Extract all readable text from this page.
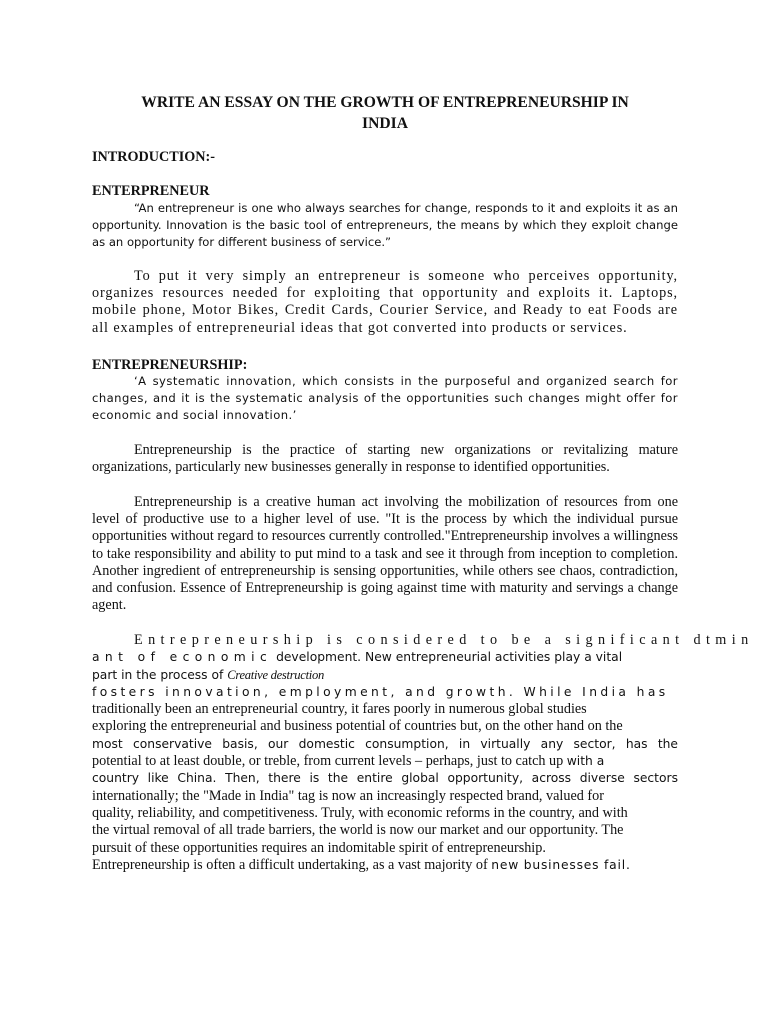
WRITE AN ESSAY ON THE GROWTH OF ENTREPRENEURSHIP IN
INDIA
INTRODUCTION:-
ENTERPRENEUR
“An entrepreneur is one who always searches for change, responds to it and exploits it as an opportunity. Innovation is the basic tool of entrepreneurs, the means by which they exploit change as an opportunity for different business of service.”
To put it very simply an entrepreneur is someone who perceives opportunity, organizes resources needed for exploiting that opportunity and exploits it. Laptops, mobile phone, Motor Bikes, Credit Cards, Courier Service, and Ready to eat Foods are all examples of entrepreneurial ideas that got converted into products or services.
ENTREPRENEURSHIP:
‘A systematic innovation, which consists in the purposeful and organized search for changes, and it is the systematic analysis of the opportunities such changes might offer for economic and social innovation.’
Entrepreneurship is the practice of starting new organizations or revitalizing mature organizations, particularly new businesses generally in response to identified opportunities.
Entrepreneurship is a creative human act involving the mobilization of resources from one level of productive use to a higher level of use. "It is the process by which the individual pursue opportunities without regard to resources currently controlled."Entrepreneurship involves a willingness to take responsibility and ability to put mind to a task and see it through from inception to completion. Another ingredient of entrepreneurship is sensing opportunities, while others see chaos, contradiction, and confusion. Essence of Entrepreneurship is going against time with maturity and servings a change agent.
Entrepreneurship is considered to be a significant dtmin
ant of economic development. New entrepreneurial activities play a vital
part in the process of Creative destruction
fosters innovation, employment, and growth. While India has
traditionally been an entrepreneurial country, it fares poorly in numerous global studies
exploring the entrepreneurial and business potential of countries but, on the other hand on the
most conservative basis, our domestic consumption, in virtually any sector, has the
potential to at least double, or treble, from current levels – perhaps, just to catch up with a
country like China. Then, there is the entire global opportunity, across diverse sectors
internationally; the "Made in India" tag is now an increasingly respected brand, valued for
quality, reliability, and competitiveness. Truly, with economic reforms in the country, and with
the virtual removal of all trade barriers, the world is now our market and our opportunity. The
pursuit of these opportunities requires an indomitable spirit of entrepreneurship.
Entrepreneurship is often a difficult undertaking, as a vast majority of new businesses fail.
